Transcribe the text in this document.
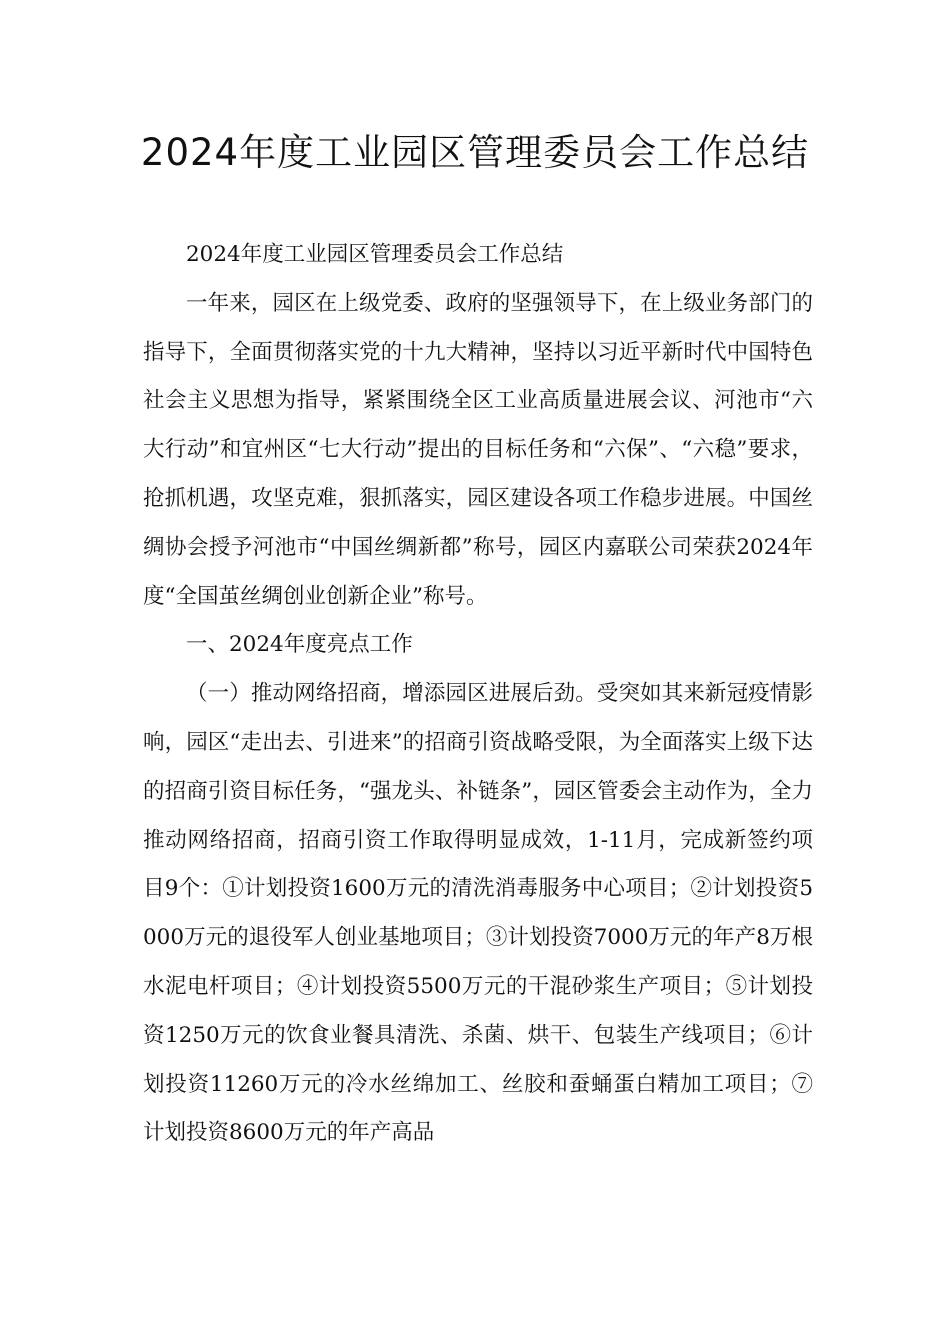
2024年度工业园区管理委员会工作总结

2024年度工业园区管理委员会工作总结

一年来，园区在上级党委、政府的坚强领导下，在上级业务部门的指导下，全面贯彻落实党的十九大精神，坚持以习近平新时代中国特色社会主义思想为指导，紧紧围绕全区工业高质量进展会议、河池市“六大行动”和宜州区“七大行动”提出的目标任务和“六保”、“六稳”要求，抢抓机遇，攻坚克难，狠抓落实，园区建设各项工作稳步进展。中国丝绸协会授予河池市“中国丝绸新都”称号，园区内嘉联公司荣获2024年度“全国茧丝绸创业创新企业”称号。

一、2024年度亮点工作

（一）推动网络招商，增添园区进展后劲。受突如其来新冠疫情影响，园区“走出去、引进来”的招商引资战略受限，为全面落实上级下达的招商引资目标任务，“强龙头、补链条”，园区管委会主动作为，全力推动网络招商，招商引资工作取得明显成效，1-11月，完成新签约项目9个：①计划投资1600万元的清洗消毒服务中心项目；②计划投资5000万元的退役军人创业基地项目；③计划投资7000万元的年产8万根水泥电杆项目；④计划投资5500万元的干混砂浆生产项目；⑤计划投资1250万元的饮食业餐具清洗、杀菌、烘干、包装生产线项目；⑥计划投资11260万元的冷水丝绵加工、丝胶和蚕蛹蛋白精加工项目；⑦计划投资8600万元的年产高品
